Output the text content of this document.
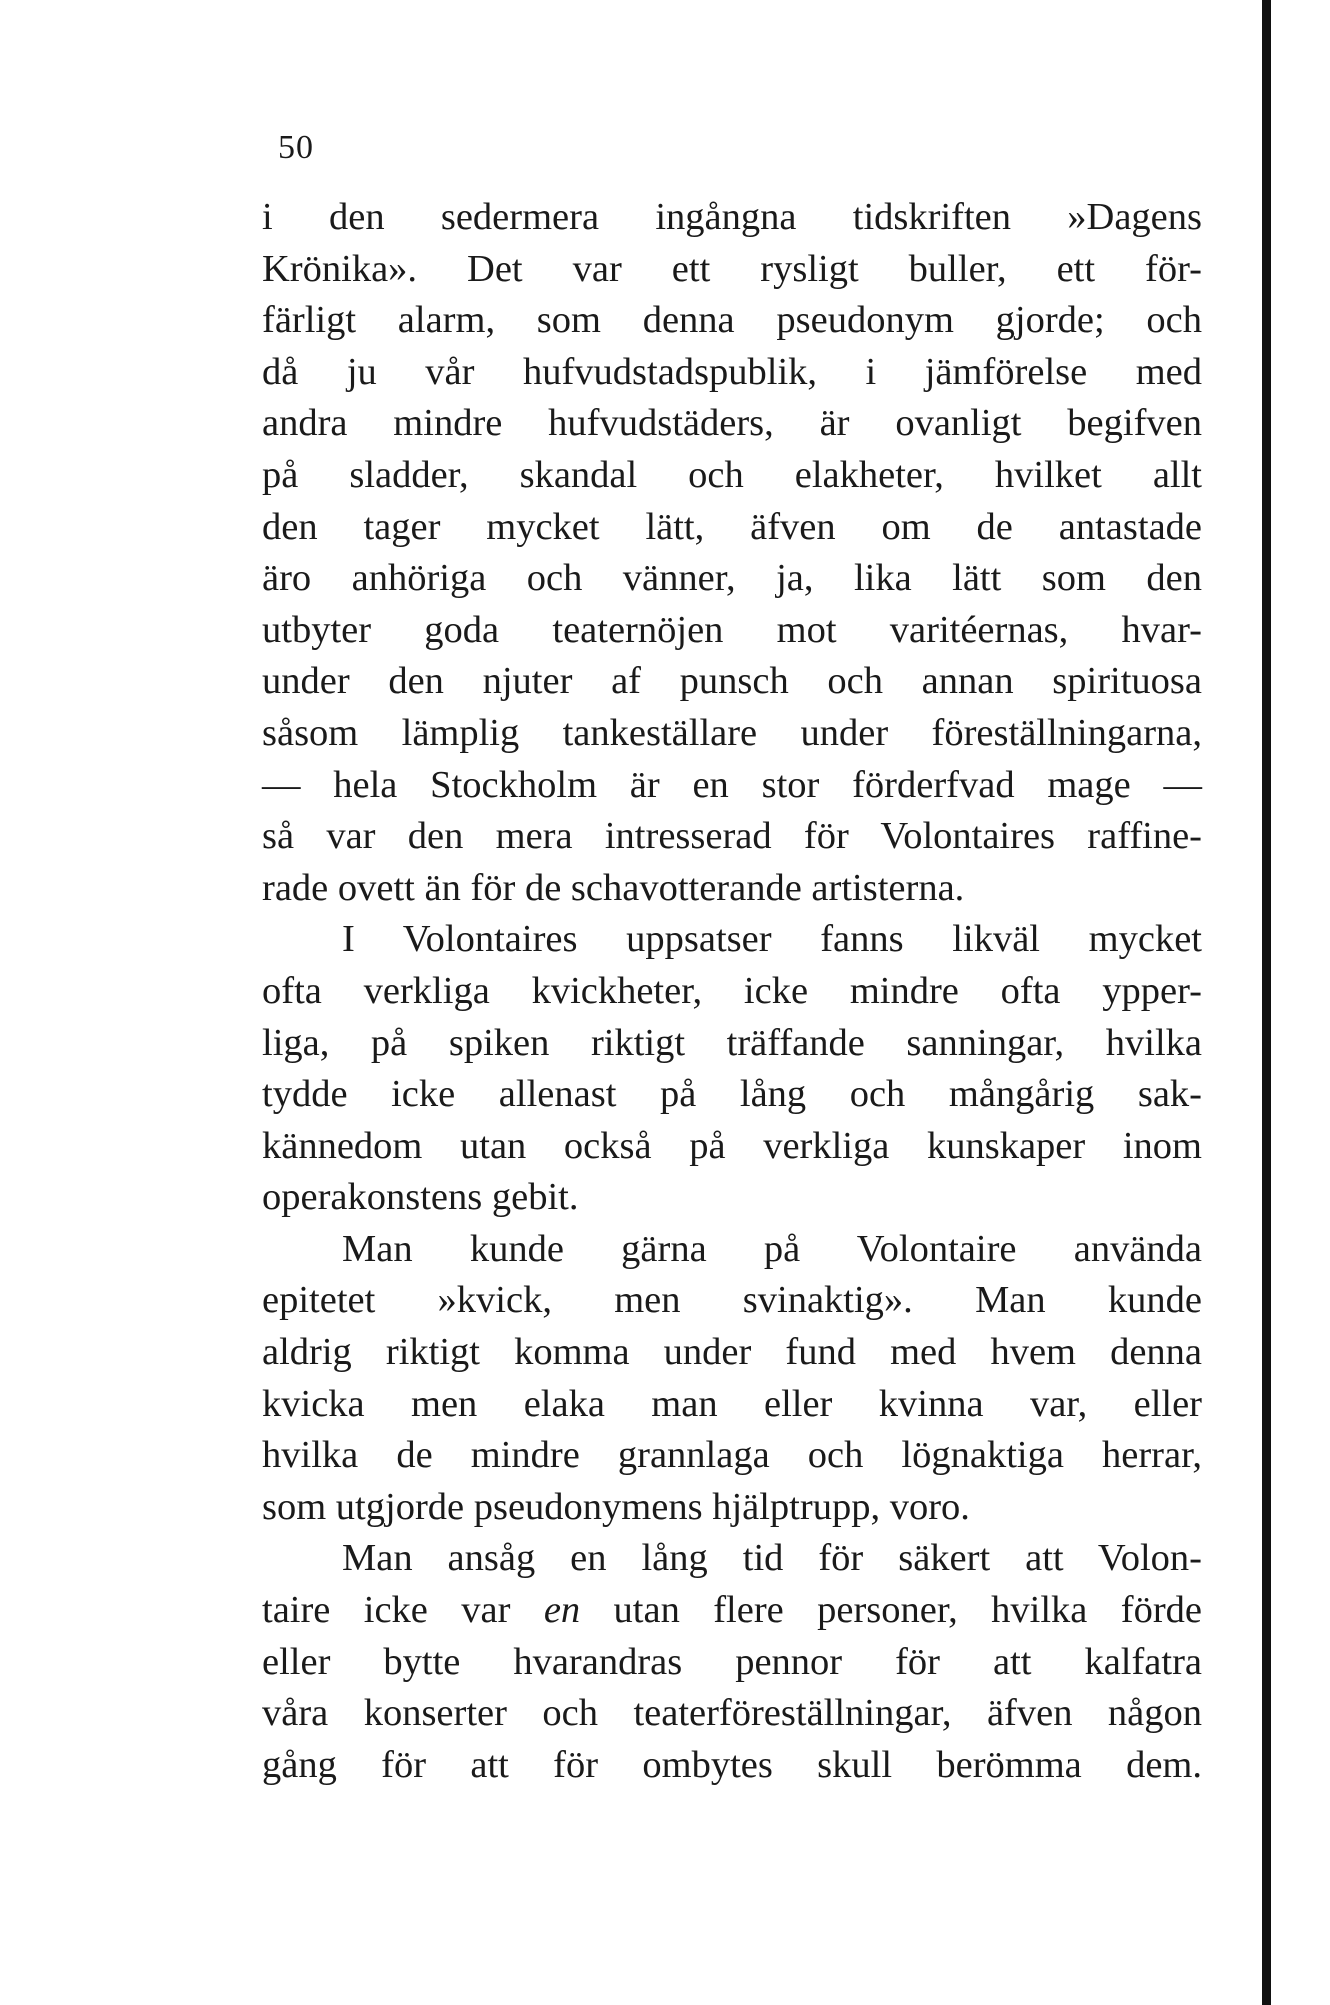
50
i den sedermera ingångna tidskriften »Dagens
Krönika». Det var ett rysligt buller, ett för-
färligt alarm, som denna pseudonym gjorde; och
då ju vår hufvudstadspublik, i jämförelse med
andra mindre hufvudstäders, är ovanligt begifven
på sladder, skandal och elakheter, hvilket allt
den tager mycket lätt, äfven om de antastade
äro anhöriga och vänner, ja, lika lätt som den
utbyter goda teaternöjen mot varitéernas, hvar-
under den njuter af punsch och annan spirituosa
såsom lämplig tankeställare under föreställningarna,
— hela Stockholm är en stor förderfvad mage —
så var den mera intresserad för Volontaires raffine-
rade ovett än för de schavotterande artisterna.
I Volontaires uppsatser fanns likväl mycket
ofta verkliga kvickheter, icke mindre ofta ypper-
liga, på spiken riktigt träffande sanningar, hvilka
tydde icke allenast på lång och mångårig sak-
kännedom utan också på verkliga kunskaper inom
operakonstens gebit.
Man kunde gärna på Volontaire använda
epitetet »kvick, men svinaktig». Man kunde
aldrig riktigt komma under fund med hvem denna
kvicka men elaka man eller kvinna var, eller
hvilka de mindre grannlaga och lögnaktiga herrar,
som utgjorde pseudonymens hjälptrupp, voro.
Man ansåg en lång tid för säkert att Volon-
taire icke var en utan flere personer, hvilka förde
eller bytte hvarandras pennor för att kalfatra
våra konserter och teaterföreställningar, äfven någon
gång för att för ombytes skull berömma dem.
